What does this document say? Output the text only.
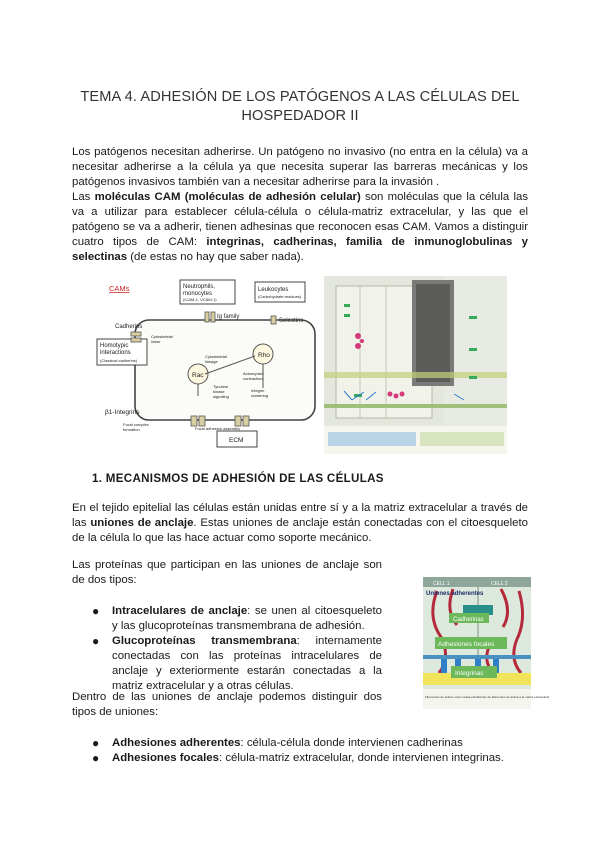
TEMA 4. ADHESIÓN DE LOS PATÓGENOS A LAS CÉLULAS DEL HOSPEDADOR II
Los patógenos necesitan adherirse. Un patógeno no invasivo (no entra en la célula) va a necesitar adherirse a la célula ya que necesita superar las barreras mecánicas y los patógenos invasivos también van a necesitar adherirse para la invasión .
Las moléculas CAM (moléculas de adhesión celular) son moléculas que la célula las va a utilizar para establecer célula-célula o célula-matriz extracelular, y las que el patógeno se va a adherir, tienen adhesinas que reconocen esas CAM. Vamos a distinguir cuatro tipos de CAM: integrinas, cadherinas, familia de inmunoglobulinas y selectinas (de estas no hay que saber nada).
CAMs	Neutrophils,
monocytes
(ICAM-1, VCAM-1)
Leukocytes
(Carbohydrate residues)
Ig family
Selectins
Cadherins
Homotypic
interactions
(Classical cadherins)
Cytoskeletal
linker
Cytoskeletal
linkage
Rho
Rac	Actomyosin
contraction
Tyrosine
kinase
signaling
Integrin
clustering
β1-Integrins
Focal complex
formation	Focal adhesion assembly
ECM
1. MECANISMOS DE ADHESIÓN DE LAS CÉLULAS
En el tejido epitelial las células están unidas entre sí y a la matriz extracelular a través de las uniones de anclaje. Estas uniones de anclaje están conectadas con el citoesqueleto de la célula lo que las hace actuar como soporte mecánico.
Las proteínas que participan en las uniones de anclaje son de dos tipos:
● Intracelulares de anclaje: se unen al citoesqueleto y las glucoproteínas transmembrana de adhesión.
● Glucoproteínas transmembrana: internamente conectadas con las proteínas intracelulares de anclaje y exteriormente estarán conectadas a la matriz extracelular y a otras células.
Dentro de las uniones de anclaje podemos distinguir dos tipos de uniones:
● Adhesiones adherentes: célula-célula donde intervienen cadherinas
● Adhesiones focales: célula-matriz extracelular, donde intervienen integrinas.
CELL 1	CELL 2
Uniones adherentes
Cadherinas
Adhesiones focales
Integrinas
Filamentos de actina: unión célula-célula Unión de filamentos de actina a la matriz extracelular
